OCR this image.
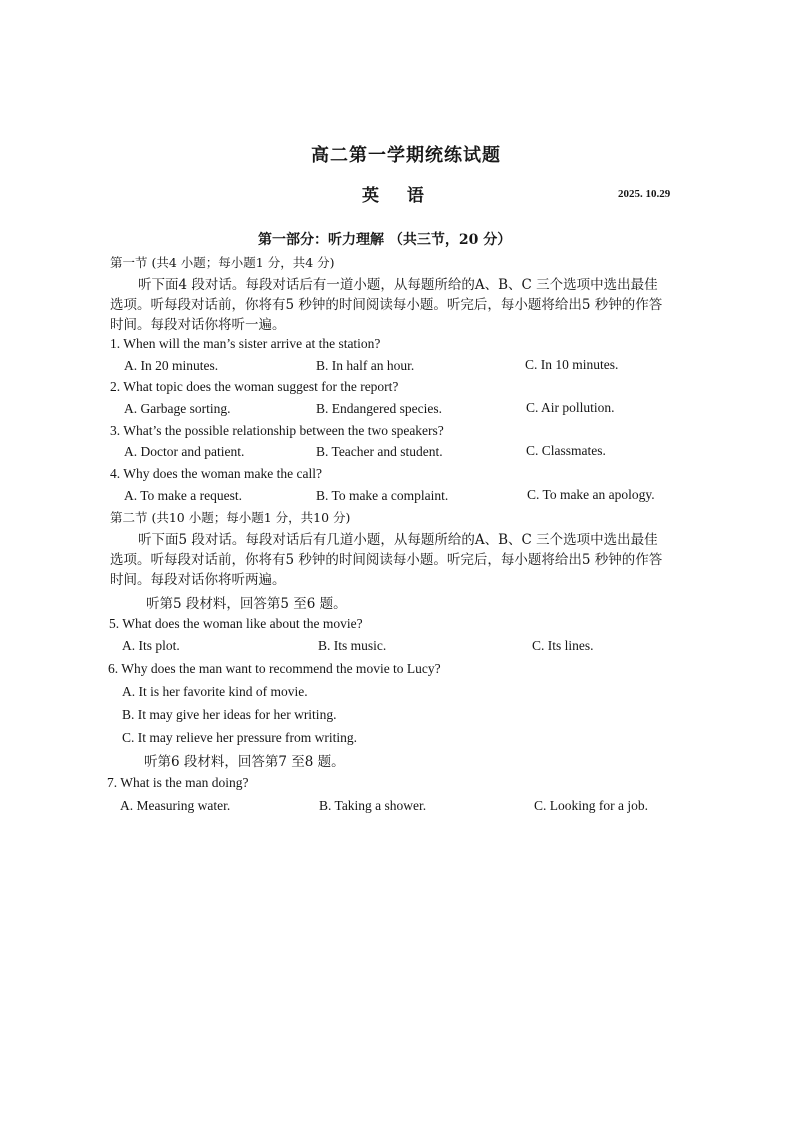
高二第一学期统练试题
英 语	2025. 10.29
第一部分：听力理解 （共三节，20 分）
第一节 (共4 小题；每小题1 分，共4 分)
听下面4 段对话。每段对话后有一道小题，从每题所给的A、B、C 三个选项中选出最佳
选项。听每段对话前，你将有5 秒钟的时间阅读每小题。听完后，每小题将给出5 秒钟的作答
时间。每段对话你将听一遍。
1. When will the man’s sister arrive at the station?
A. In 20 minutes.	B. In half an hour.	C. In 10 minutes.
2. What topic does the woman suggest for the report?
A. Garbage sorting.	B. Endangered species.	C. Air pollution.
3. What’s the possible relationship between the two speakers?
A. Doctor and patient.	B. Teacher and student.	C. Classmates.
4. Why does the woman make the call?
A. To make a request.	B. To make a complaint.	C. To make an apology.
第二节 (共10 小题；每小题1 分，共10 分)
听下面5 段对话。每段对话后有几道小题，从每题所给的A、B、C 三个选项中选出最佳
选项。听每段对话前，你将有5 秒钟的时间阅读每小题。听完后，每小题将给出5 秒钟的作答
时间。每段对话你将听两遍。
听第5 段材料，回答第5 至6 题。
5. What does the woman like about the movie?
A. Its plot.	B. Its music.	C. Its lines.
6. Why does the man want to recommend the movie to Lucy?
A. It is her favorite kind of movie.
B. It may give her ideas for her writing.
C. It may relieve her pressure from writing.
听第6 段材料，回答第7 至8 题。
7. What is the man doing?
A. Measuring water.	B. Taking a shower.	C. Looking for a job.
